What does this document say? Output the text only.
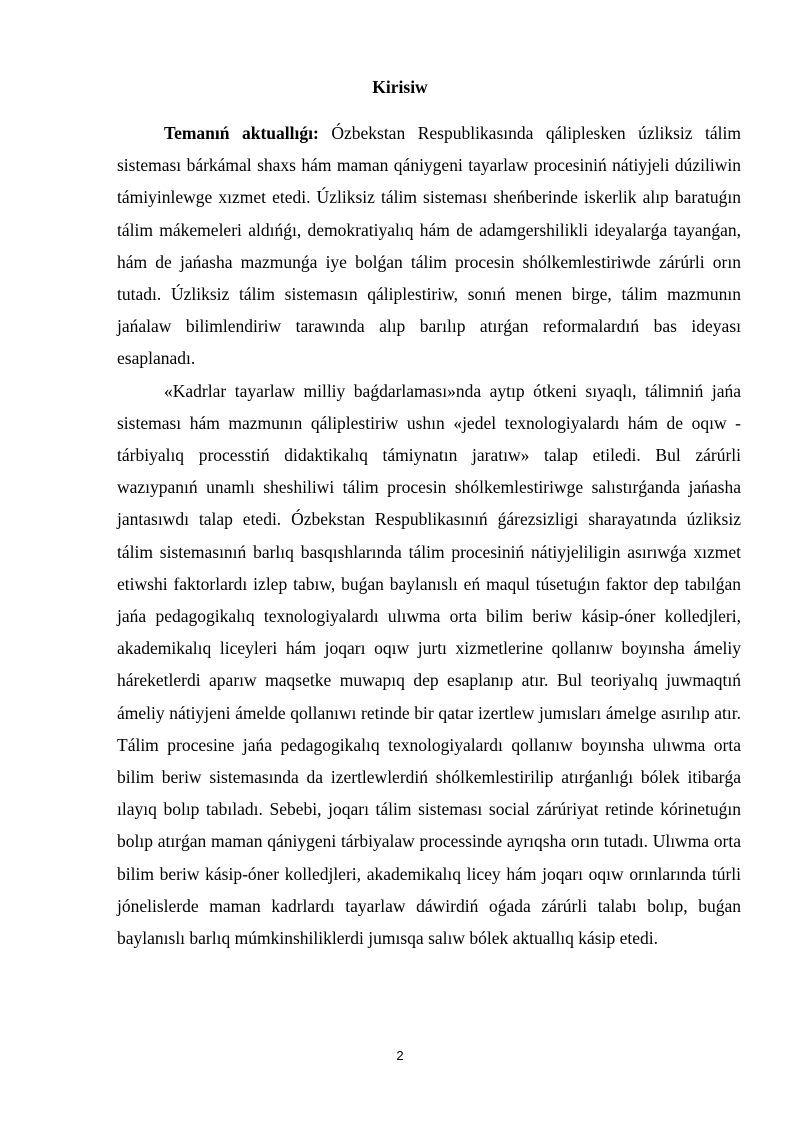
Kirisiw

Temanıń aktuallıǵı: Ózbekstan Respublikasında qáliplesken úzliksiz tálim sisteması bárkámal shaxs hám maman qániygeni tayarlaw procesiniń nátiyjeli dúziliwin támiyinlewge xızmet etedi. Úzliksiz tálim sisteması sheńberinde iskerlik alıp baratuǵın tálim mákemeleri aldıńǵı, demokratiyalıq hám de adamgershilikli ideyalarǵa tayanǵan, hám de jańasha mazmunǵa iye bolǵan tálim procesin shólkemlestiriwde zárúrli orın tutadı. Úzliksiz tálim sistemasın qáliplestiriw, sonıń menen birge, tálim mazmunın jańalaw bilimlendiriw tarawında alıp barılıp atırǵan reformalardıń bas ideyası esaplanadı.

«Kadrlar tayarlaw milliy baǵdarlaması»nda aytıp ótkeni sıyaqlı, tálimniń jańa sisteması hám mazmunın qáliplestiriw ushın «jedel texnologiyalardı hám de oqıw - tárbiyalıq processtiń didaktikalıq támiynatın jaratıw» talap etiledi. Bul zárúrli wazıypanıń unamlı sheshiliwi tálim procesin shólkemlestiriwge salıstırǵanda jańasha jantasıwdı talap etedi. Ózbekstan Respublikasınıń ǵárezsizligi sharayatında úzliksiz tálim sistemasınıń barlıq basqıshlarında tálim procesiniń nátiyjeliligin asırıwǵa xızmet etiwshi faktorlardı izlep tabıw, buǵan baylanıslı eń maqul túsetuǵın faktor dep tabılǵan jańa pedagogikalıq texnologiyalardı ulıwma orta bilim beriw kásip-óner kolledjleri, akademikalıq liceyleri hám joqarı oqıw jurtı xizmetlerine qollanıw boyınsha ámeliy háreketlerdi aparıw maqsetke muwapıq dep esaplanıp atır. Bul teoriyalıq juwmaqtıń ámeliy nátiyjeni ámelde qollanıwı retinde bir qatar izertlew jumısları ámelge asırılıp atır. Tálim procesine jańa pedagogikalıq texnologiyalardı qollanıw boyınsha ulıwma orta bilim beriw sistemasında da izertlewlerdiń shólkemlestirilip atırǵanlıǵı bólek itibarǵa ılayıq bolıp tabıladı. Sebebi, joqarı tálim sisteması social zárúriyat retinde kórinetuǵın bolıp atırǵan maman qániygeni tárbiyalaw processinde ayrıqsha orın tutadı. Ulıwma orta bilim beriw kásip-óner kolledjleri, akademikalıq licey hám joqarı oqıw orınlarında túrli jónelislerde maman kadrlardı tayarlaw dáwirdiń oǵada zárúrli talabı bolıp, buǵan baylanıslı barlıq múmkinshiliklerdi jumısqa salıw bólek aktuallıq kásip etedi.

2
